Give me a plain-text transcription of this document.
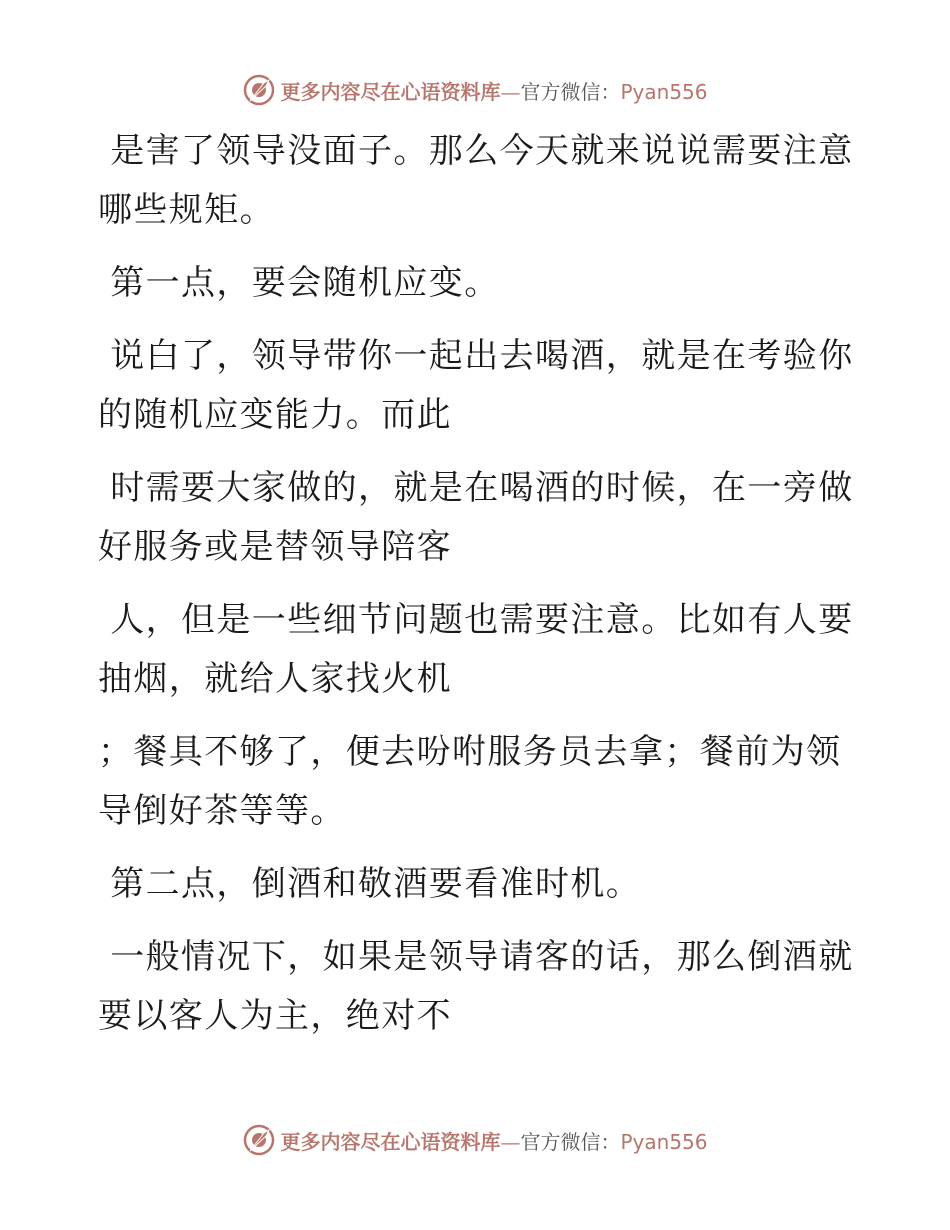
更多内容尽在心语资料库—官方微信：Pyan556

是害了领导没面子。那么今天就来说说需要注意
哪些规矩。

第一点，要会随机应变。

说白了，领导带你一起出去喝酒，就是在考验你
的随机应变能力。而此

时需要大家做的，就是在喝酒的时候，在一旁做
好服务或是替领导陪客

人，但是一些细节问题也需要注意。比如有人要
抽烟，就给人家找火机

；餐具不够了，便去吩咐服务员去拿；餐前为领
导倒好茶等等。

第二点，倒酒和敬酒要看准时机。

一般情况下，如果是领导请客的话，那么倒酒就
要以客人为主，绝对不

更多内容尽在心语资料库—官方微信：Pyan556
